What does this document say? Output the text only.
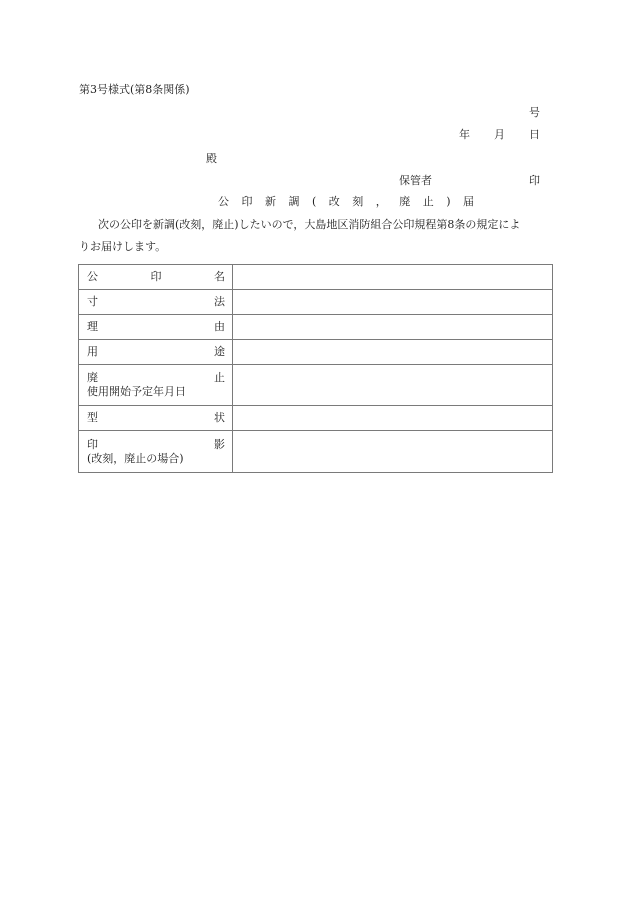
第3号様式(第8条関係)
号
年 月 日
殿
保管者	印
公 印 新 調 ( 改 刻 ， 廃 止 ) 届
次の公印を新調(改刻，廃止)したいので，大島地区消防組合公印規程第8条の規定によ
りお届けします。
公 印 名	

寸 法	

理 由	

用 途	

廃 止
使用開始予定年月日	

型 状	

印 影
(改刻，廃止の場合)	
